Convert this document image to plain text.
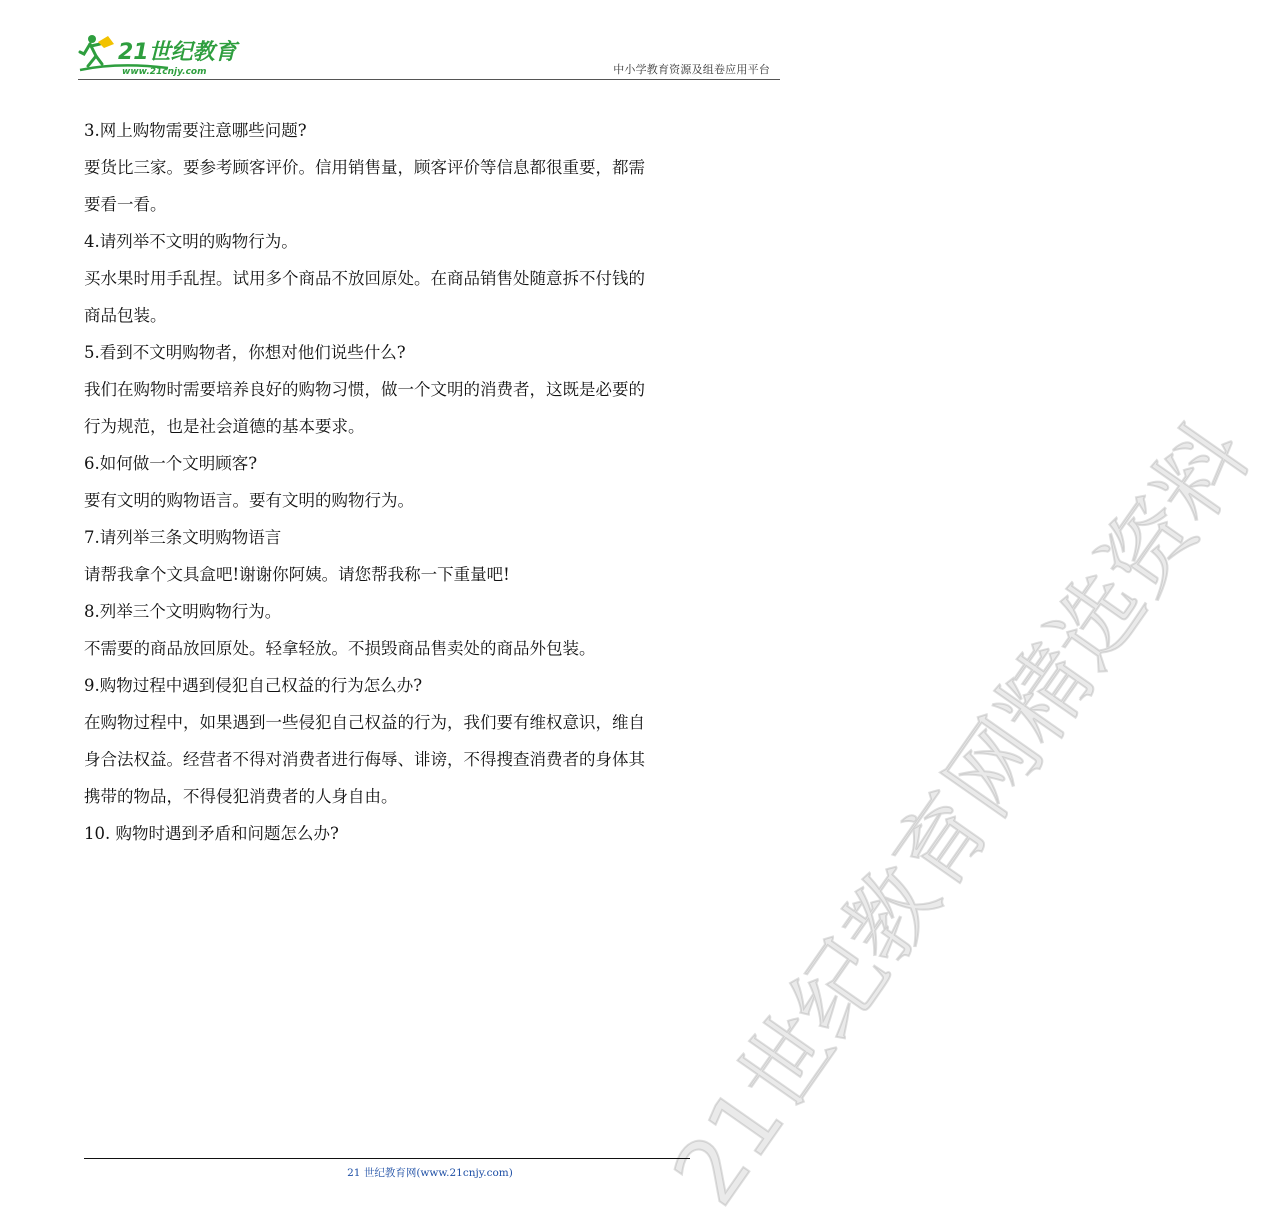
21世纪教育
www.21cnjy.com	中小学教育资源及组卷应用平台
21世纪教育网精选资料
3.网上购物需要注意哪些问题?
要货比三家。要参考顾客评价。信用销售量，顾客评价等信息都很重要，都需
要看一看。
4.请列举不文明的购物行为。
买水果时用手乱捏。试用多个商品不放回原处。在商品销售处随意拆不付钱的
商品包装。
5.看到不文明购物者，你想对他们说些什么?
我们在购物时需要培养良好的购物习惯，做一个文明的消费者，这既是必要的
行为规范，也是社会道德的基本要求。
6.如何做一个文明顾客?
要有文明的购物语言。要有文明的购物行为。
7.请列举三条文明购物语言
请帮我拿个文具盒吧!谢谢你阿姨。请您帮我称一下重量吧!
8.列举三个文明购物行为。
不需要的商品放回原处。轻拿轻放。不损毁商品售卖处的商品外包装。
9.购物过程中遇到侵犯自己权益的行为怎么办?
在购物过程中，如果遇到一些侵犯自己权益的行为，我们要有维权意识，维自
身合法权益。经营者不得对消费者进行侮辱、诽谤，不得搜查消费者的身体其
携带的物品，不得侵犯消费者的人身自由。
10. 购物时遇到矛盾和问题怎么办?
21 世纪教育网(www.21cnjy.com)
